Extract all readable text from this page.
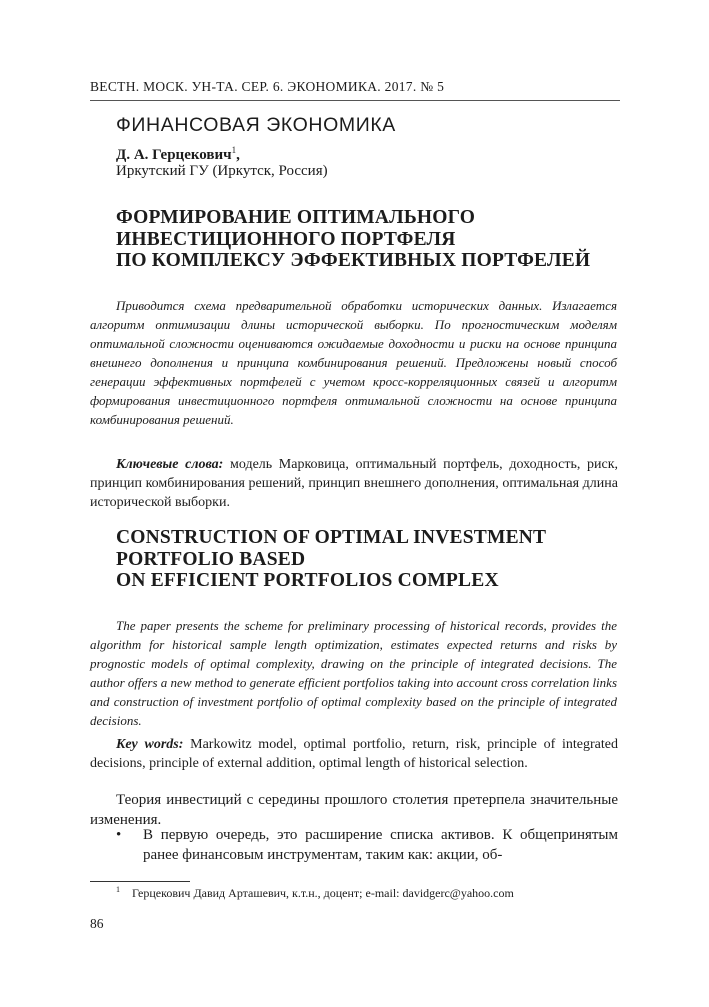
ВЕСТН. МОСК. УН-ТА. СЕР. 6. ЭКОНОМИКА. 2017. № 5
ФИНАНСОВАЯ ЭКОНОМИКА
Д. А. Герцекович$^1$,
Иркутский ГУ (Иркутск, Россия)
ФОРМИРОВАНИЕ ОПТИМАЛЬНОГО
ИНВЕСТИЦИОННОГО ПОРТФЕЛЯ
ПО КОМПЛЕКСУ ЭФФЕКТИВНЫХ ПОРТФЕЛЕЙ

Приводится схема предварительной обработки исторических данных. Излагается алгоритм оптимизации длины исторической выборки. По прогностическим моделям оптимальной сложности оцениваются ожидаемые доходности и риски на основе принципа внешнего дополнения и принципа комбинирования решений. Предложены новый способ генерации эффективных портфелей с учетом кросс-корреляционных связей и алгоритм формирования инвестиционного портфеля оптимальной сложности на основе принципа комбинирования решений.

Ключевые слова: модель Марковица, оптимальный портфель, доходность, риск, принцип комбинирования решений, принцип внешнего дополнения, оптимальная длина исторической выборки.

CONSTRUCTION OF OPTIMAL INVESTMENT
PORTFOLIO BASED
ON EFFICIENT PORTFOLIOS COMPLEX

The paper presents the scheme for preliminary processing of historical records, provides the algorithm for historical sample length optimization, estimates expected returns and risks by prognostic models of optimal complexity, drawing on the principle of integrated decisions. The author offers a new method to generate efficient portfolios taking into account cross correlation links and construction of investment portfolio of optimal complexity based on the principle of integrated decisions.

Key words: Markowitz model, optimal portfolio, return, risk, principle of integrated decisions, principle of external addition, optimal length of historical selection.

Теория инвестиций с середины прошлого столетия претерпела значительные изменения.

•	В первую очередь, это расширение списка активов. К общепринятым ранее финансовым инструментам, таким как: акции, об-
$^1$ Герцекович Давид Арташевич, к.т.н., доцент; e-mail: davidgerc@yahoo.com
86
